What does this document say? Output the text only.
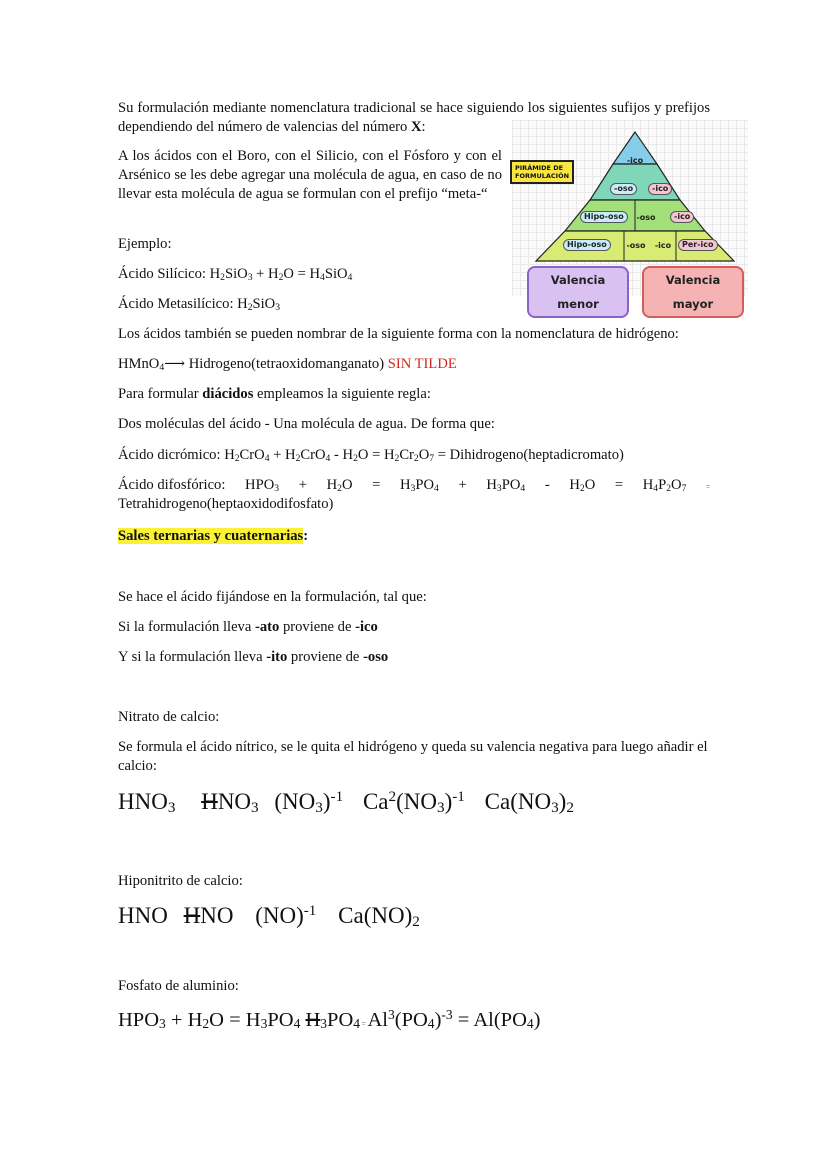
Su formulación mediante nomenclatura tradicional se hace siguiendo los siguientes sufijos y prefijos dependiendo del número de valencias del número X:
A los ácidos con el Boro, con el Silicio, con el Fósforo y con el Arsénico se les debe agregar una molécula de agua, en caso de no llevar esta molécula de agua se formulan con el prefijo “meta-“
PIRÁMIDE DE
FORMULACIÓN
-ico
-oso	-ico
Hipo-oso	-oso	-ico
Hipo-oso	-oso	-ico	Per-ico
Valencia menor
Valencia mayor
Ejemplo:
Ácido Silícico: $H_2SiO_3 + H_2O = H_4SiO_4$
Ácido Metasilícico: $H_2SiO_3$
Los ácidos también se pueden nombrar de la siguiente forma con la nomenclatura de hidrógeno:
HMnO$_4$⟶ Hidrogeno(tetraoxidomanganato) SIN TILDE
Para formular diácidos empleamos la siguiente regla:
Dos moléculas del ácido - Una molécula de agua. De forma que:
Ácido dicrómico: $H_2CrO_4 + H_2CrO_4 - H_2O = H_2Cr_2O_7$ = Dihidrogeno(heptadicromato)
Ácido difosfórico: $HPO_3 + H_2O = H_3PO_4 + H_3PO_4 - H_2O = H_4P_2O_7$	=
Tetrahidrogeno(heptaoxidodifosfato)
Sales ternarias y cuaternarias:
Se hace el ácido fijándose en la formulación, tal que:
Si la formulación lleva -ato proviene de -ico
Y si la formulación lleva -ito proviene de -oso
Nitrato de calcio:
Se formula el ácido nítrico, se le quita el hidrógeno y queda su valencia negativa para luego añadir el calcio:
$HNO_3$ $HNO_3$ $(NO_3)^{-1}$ $Ca^2(NO_3)^{-1}$ $Ca(NO_3)_2$
Hiponitrito de calcio:
HNO HNO (NO)$^{-1}$ $Ca(NO)_2$
Fosfato de aluminio:
$HPO_3 + H_2O = H_3PO_4$ $H_3PO_4 = Al^3(PO_4)^{-3} = Al(PO_4)$
